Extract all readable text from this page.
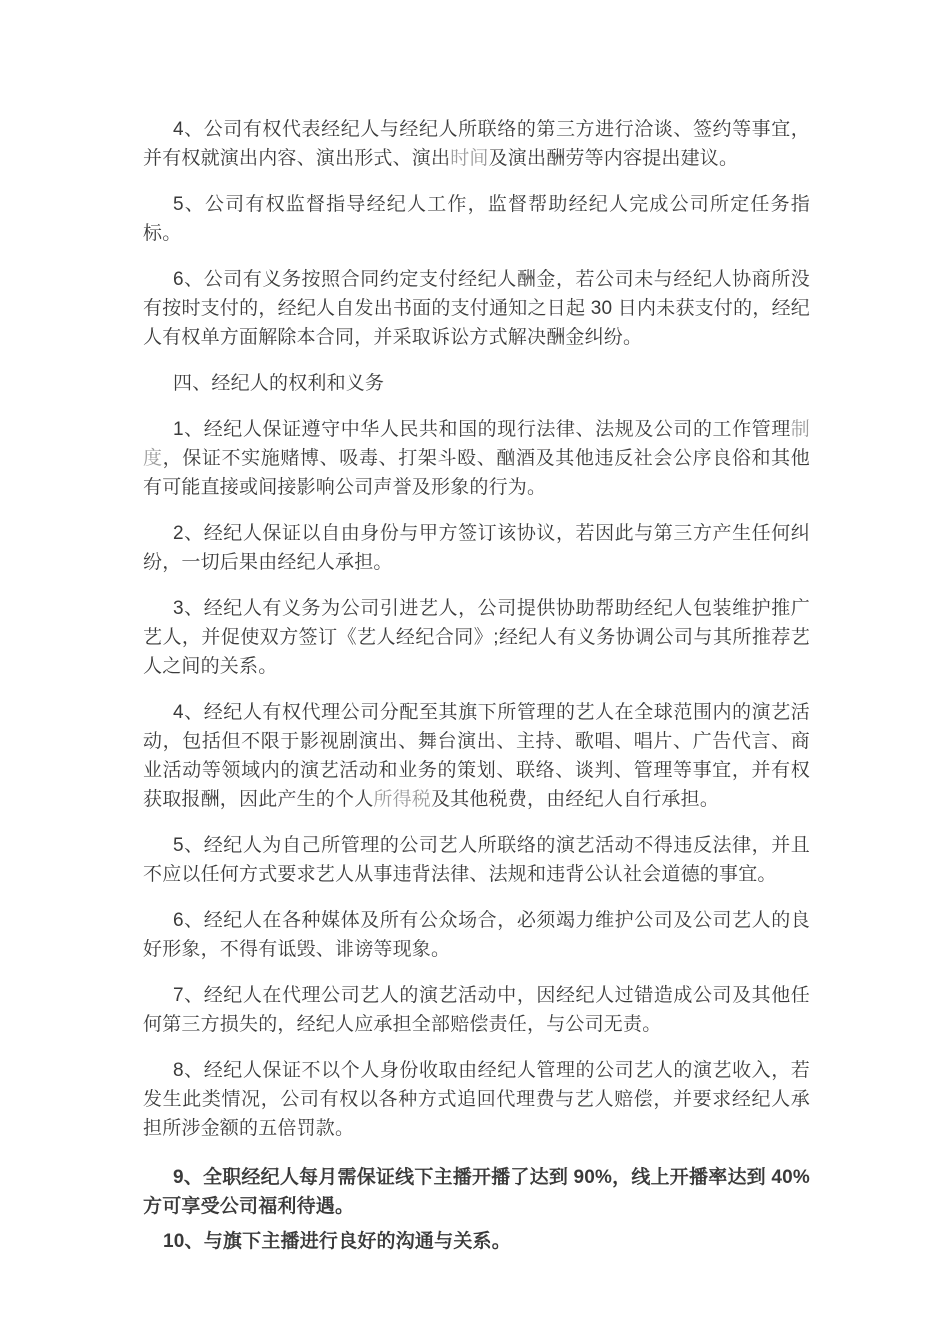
4、公司有权代表经纪人与经纪人所联络的第三方进行洽谈、签约等事宜，并有权就演出内容、演出形式、演出时间及演出酬劳等内容提出建议。

5、公司有权监督指导经纪人工作，监督帮助经纪人完成公司所定任务指标。

6、公司有义务按照合同约定支付经纪人酬金，若公司未与经纪人协商所没有按时支付的，经纪人自发出书面的支付通知之日起 30 日内未获支付的，经纪人有权单方面解除本合同，并采取诉讼方式解决酬金纠纷。

四、经纪人的权利和义务

1、经纪人保证遵守中华人民共和国的现行法律、法规及公司的工作管理制度，保证不实施赌博、吸毒、打架斗殴、酗酒及其他违反社会公序良俗和其他有可能直接或间接影响公司声誉及形象的行为。

2、经纪人保证以自由身份与甲方签订该协议，若因此与第三方产生任何纠纷，一切后果由经纪人承担。

3、经纪人有义务为公司引进艺人，公司提供协助帮助经纪人包装维护推广艺人，并促使双方签订《艺人经纪合同》;经纪人有义务协调公司与其所推荐艺人之间的关系。

4、经纪人有权代理公司分配至其旗下所管理的艺人在全球范围内的演艺活动，包括但不限于影视剧演出、舞台演出、主持、歌唱、唱片、广告代言、商业活动等领域内的演艺活动和业务的策划、联络、谈判、管理等事宜，并有权获取报酬，因此产生的个人所得税及其他税费，由经纪人自行承担。

5、经纪人为自己所管理的公司艺人所联络的演艺活动不得违反法律，并且不应以任何方式要求艺人从事违背法律、法规和违背公认社会道德的事宜。

6、经纪人在各种媒体及所有公众场合，必须竭力维护公司及公司艺人的良好形象，不得有诋毁、诽谤等现象。

7、经纪人在代理公司艺人的演艺活动中，因经纪人过错造成公司及其他任何第三方损失的，经纪人应承担全部赔偿责任，与公司无责。

8、经纪人保证不以个人身份收取由经纪人管理的公司艺人的演艺收入，若发生此类情况，公司有权以各种方式追回代理费与艺人赔偿，并要求经纪人承担所涉金额的五倍罚款。

9、全职经纪人每月需保证线下主播开播了达到 90%，线上开播率达到 40%方可享受公司福利待遇。

10、与旗下主播进行良好的沟通与关系。
